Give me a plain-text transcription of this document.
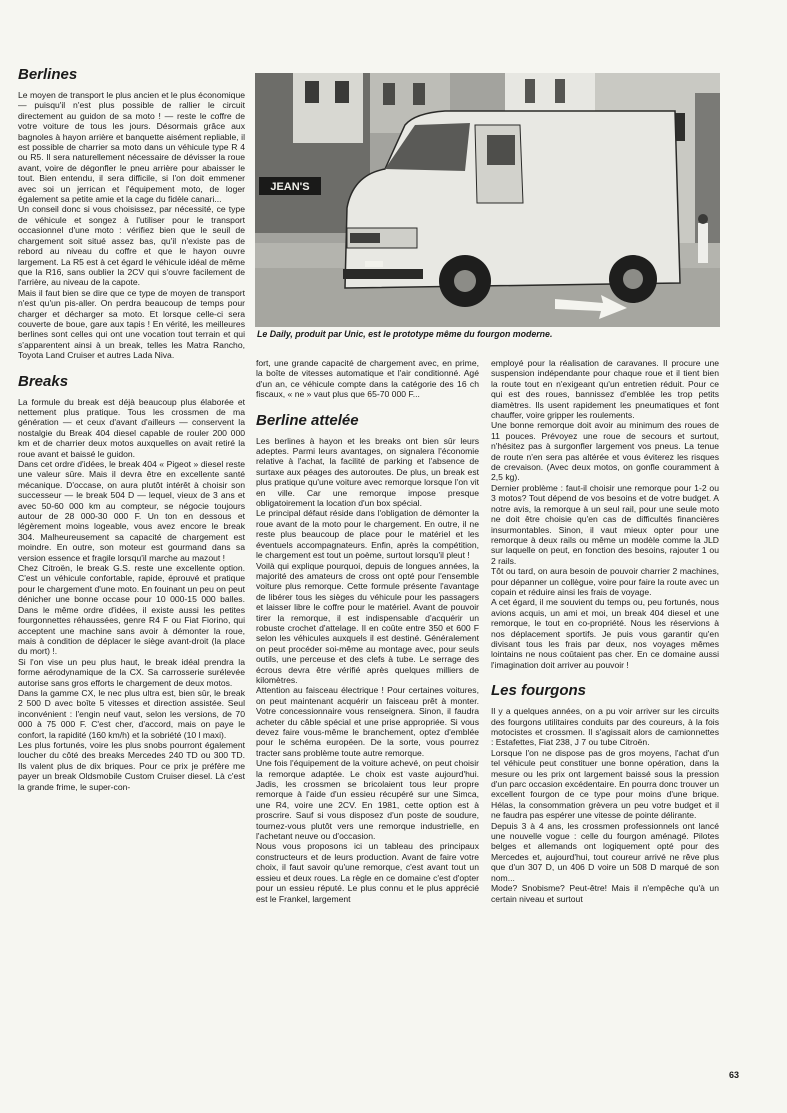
Berlines

Le moyen de transport le plus ancien et le plus économique — puisqu'il n'est plus possible de rallier le circuit directement au guidon de sa moto ! — reste le coffre de votre voiture de tous les jours. Désormais grâce aux bagnoles à hayon arrière et banquette aisément repliable, il est possible de charrier sa moto dans un véhicule type R 4 ou R5. Il sera naturellement nécessaire de dévisser la roue avant, voire de dégonfler le pneu arrière pour abaisser le tout. Bien entendu, il sera difficile, si l'on doit emmener avec soi un jerrican et l'équipement moto, de loger également sa petite amie et la cage du fidèle canari...

Un conseil donc si vous choisissez, par nécessité, ce type de véhicule et songez à l'utiliser pour le transport occasionnel d'une moto : vérifiez bien que le seuil de chargement soit situé assez bas, qu'il n'existe pas de rebord au niveau du coffre et que le hayon ouvre largement. La R5 est à cet égard le véhicule idéal de même que la R16, sans oublier la 2CV qui s'ouvre facilement de l'arrière, au niveau de la capote.

Mais il faut bien se dire que ce type de moyen de transport n'est qu'un pis-aller. On perdra beaucoup de temps pour charger et décharger sa moto. Et lorsque celle-ci sera couverte de boue, gare aux tapis ! En vérité, les meilleures berlines sont celles qui ont une vocation tout terrain et qui s'apparentent ainsi à un break, telles les Matra Rancho, Toyota Land Cruiser et autres Lada Niva.

Breaks

La formule du break est déjà beaucoup plus élaborée et nettement plus pratique. Tous les crossmen de ma génération — et ceux d'avant d'ailleurs — conservent la nostalgie du Break 404 diesel capable de rouler 200 000 km et de charrier deux motos auxquelles on avait retiré la roue avant et baissé le guidon.

Dans cet ordre d'idées, le break 404 « Pigeot » diesel reste une valeur sûre. Mais il devra être en excellente santé mécanique. D'occase, on aura plutôt intérêt à choisir son successeur — le break 504 D — lequel, vieux de 3 ans et avec 50-60 000 km au compteur, se négocie toujours autour de 28 000-30 000 F. Un ton en dessous et légèrement moins logeable, vous avez encore le break 304. Malheureusement sa capacité de chargement est moindre. En outre, son moteur est gourmand dans sa version essence et fragile lorsqu'il marche au mazout !

Chez Citroën, le break G.S. reste une excellente option. C'est un véhicule confortable, rapide, éprouvé et pratique pour le chargement d'une moto. En fouinant un peu on peut dénicher une bonne occase pour 10 000-15 000 balles. Dans le même ordre d'idées, il existe aussi les petites fourgonnettes réhaussées, genre R4 F ou Fiat Fiorino, qui acceptent une machine sans avoir à démonter la roue, mais à condition de déplacer le siège avant-droit (la place du mort) !.

Si l'on vise un peu plus haut, le break idéal prendra la forme aérodynamique de la CX. Sa carrosserie surélevée autorise sans gros efforts le chargement de deux motos.

Dans la gamme CX, le nec plus ultra est, bien sûr, le break 2 500 D avec boîte 5 vitesses et direction assistée. Seul inconvénient : l'engin neuf vaut, selon les versions, de 70 000 à 75 000 F. C'est cher, d'accord, mais on paye le confort, la rapidité (160 km/h) et la sobriété (10 l maxi).

Les plus fortunés, voire les plus snobs pourront également loucher du côté des breaks Mercedes 240 TD ou 300 TD. Ils valent plus de dix briques. Pour ce prix je préfère me payer un break Oldsmobile Custom Cruiser diesel. Là c'est la grande frime, le super-con-

JEAN'S
Le Daily, produit par Unic, est le prototype même du fourgon moderne.

fort, une grande capacité de chargement avec, en prime, la boîte de vitesses automatique et l'air conditionné. Agé d'un an, ce véhicule compte dans la catégorie des 16 ch fiscaux, « ne » vaut plus que 65-70 000 F...

Berline attelée

Les berlines à hayon et les breaks ont bien sûr leurs adeptes. Parmi leurs avantages, on signalera l'économie relative à l'achat, la facilité de parking et l'absence de surtaxe aux péages des autoroutes. De plus, un break est plus pratique qu'une voiture avec remorque lorsque l'on vit en ville. Car une remorque impose presque obligatoirement la location d'un box spécial.

Le principal défaut réside dans l'obligation de démonter la roue avant de la moto pour le chargement. En outre, il ne reste plus beaucoup de place pour le matériel et les éventuels accompagnateurs. Enfin, après la compétition, le chargement est tout un poème, surtout lorsqu'il pleut !

Voilà qui explique pourquoi, depuis de longues années, la majorité des amateurs de cross ont opté pour l'ensemble voiture plus remorque. Cette formule présente l'avantage de libérer tous les sièges du véhicule pour les passagers et laisser libre le coffre pour le matériel. Avant de pouvoir tirer la remorque, il est indispensable d'acquérir un robuste crochet d'attelage. Il en coûte entre 350 et 600 F selon les véhicules auxquels il est destiné. Généralement on peut procéder soi-même au montage avec, pour seuls outils, une perceuse et des clefs à tube. Le serrage des écrous devra être vérifié après quelques milliers de kilomètres.

Attention au faisceau électrique ! Pour certaines voitures, on peut maintenant acquérir un faisceau prêt à monter. Votre concessionnaire vous renseignera. Sinon, il faudra acheter du câble spécial et une prise appropriée. Si vous devez faire vous-même le branchement, optez d'emblée pour le schéma européen. De la sorte, vous pourrez tracter sans problème toute autre remorque.

Une fois l'équipement de la voiture achevé, on peut choisir la remorque adaptée. Le choix est vaste aujourd'hui. Jadis, les crossmen se bricolaient tous leur propre remorque à l'aide d'un essieu récupéré sur une Simca, une R4, voire une 2CV. En 1981, cette option est à proscrire. Sauf si vous disposez d'un poste de soudure, tournez-vous plutôt vers une remorque industrielle, en l'achetant neuve ou d'occasion.

Nous vous proposons ici un tableau des principaux constructeurs et de leurs production. Avant de faire votre choix, il faut savoir qu'une remorque, c'est avant tout un essieu et deux roues. La règle en ce domaine c'est d'opter pour un essieu réputé. Le plus connu et le plus apprécié est le Frankel, largement

employé pour la réalisation de caravanes. Il procure une suspension indépendante pour chaque roue et il tient bien la route tout en n'exigeant qu'un entretien réduit. Pour ce qui est des roues, bannissez d'emblée les trop petits diamètres. Ils usent rapidement les pneumatiques et font chauffer, voire gripper les roulements.

Une bonne remorque doit avoir au minimum des roues de 11 pouces. Prévoyez une roue de secours et surtout, n'hésitez pas à surgonfler largement vos pneus. La tenue de route n'en sera pas altérée et vous éviterez les risques de crevaison. (Avec deux motos, on gonfle couramment à 2,5 kg).

Dernier problème : faut-il choisir une remorque pour 1-2 ou 3 motos? Tout dépend de vos besoins et de votre budget. A notre avis, la remorque à un seul rail, pour une seule moto ne doit être choisie qu'en cas de difficultés financières insurmontables. Sinon, il vaut mieux opter pour une remorque à deux rails ou même un modèle comme la JLD sur laquelle on peut, en fonction des besoins, rajouter 1 ou 2 rails.

Tôt ou tard, on aura besoin de pouvoir charrier 2 machines, pour dépanner un collègue, voire pour faire la route avec un copain et réduire ainsi les frais de voyage.

A cet égard, il me souvient du temps ou, peu fortunés, nous avions acquis, un ami et moi, un break 404 diesel et une remorque, le tout en co-propriété. Nous les réservions à nos déplacement sportifs. Je puis vous garantir qu'en divisant tous les frais par deux, nos voyages mêmes lointains ne nous coûtaient pas cher. En ce domaine aussi l'imagination doit arriver au pouvoir !

Les fourgons

Il y a quelques années, on a pu voir arriver sur les circuits des fourgons utilitaires conduits par des coureurs, à la fois motocistes et crossmen. Il s'agissait alors de camionnettes : Estafettes, Fiat 238, J 7 ou tube Citroën.

Lorsque l'on ne dispose pas de gros moyens, l'achat d'un tel véhicule peut constituer une bonne opération, dans la mesure ou les prix ont largement baissé sous la pression d'un parc occasion excédentaire. En pourra donc trouver un excellent fourgon de ce type pour moins d'une brique. Hélas, la consommation grèvera un peu votre budget et il ne faudra pas espérer une vitesse de pointe délirante.

Depuis 3 à 4 ans, les crossmen professionnels ont lancé une nouvelle vogue : celle du fourgon aménagé. Pilotes belges et allemands ont logiquement opté pour des Mercedes et, aujourd'hui, tout coureur arrivé ne rêve plus que d'un 307 D, un 406 D voire un 508 D marqué de son nom...

Mode? Snobisme? Peut-être! Mais il n'empêche qu'à un certain niveau et surtout

63
